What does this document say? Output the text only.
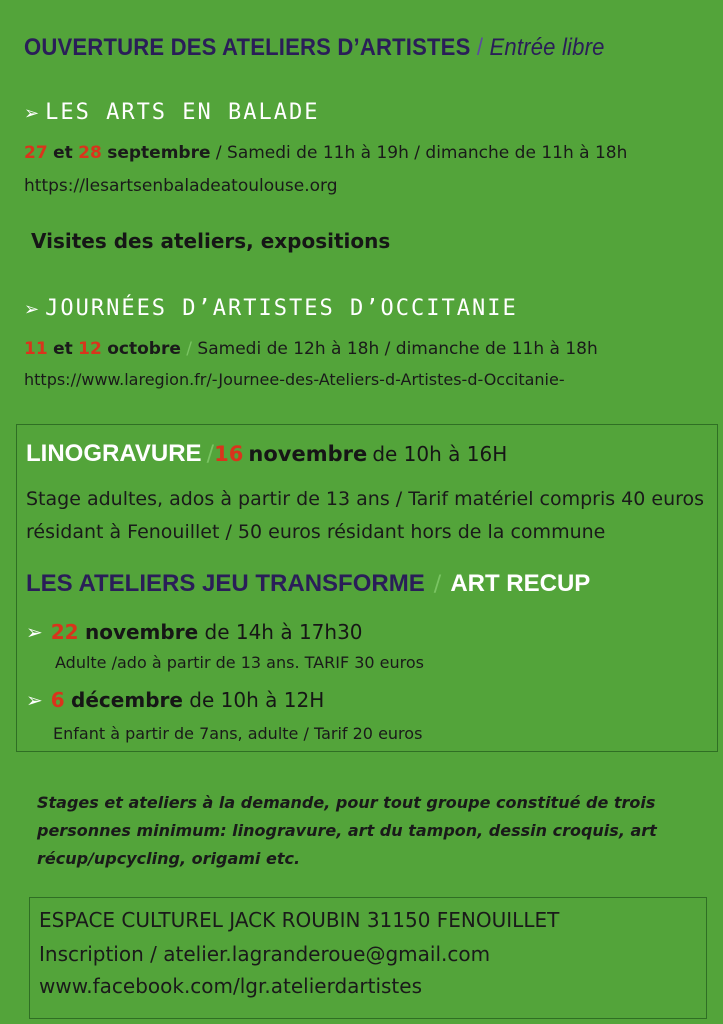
OUVERTURE DES ATELIERS D’ARTISTES / Entrée libre
➢ LES ARTS EN BALADE
27 et 28 septembre / Samedi de 11h à 19h / dimanche de 11h à 18h
https://lesartsenbaladeatoulouse.org
Visites des ateliers, expositions
➢ JOURNÉES D’ARTISTES D’OCCITANIE
11 et 12 octobre / Samedi de 12h à 18h / dimanche de 11h à 18h
https://www.laregion.fr/-Journee-des-Ateliers-d-Artistes-d-Occitanie-
LINOGRAVURE /16 novembre de 10h à 16H
Stage adultes, ados à partir de 13 ans / Tarif matériel compris 40 euros résidant à Fenouillet / 50 euros résidant hors de la commune
LES ATELIERS JEU TRANSFORME / ART RECUP
➢ 22 novembre de 14h à 17h30
Adulte /ado à partir de 13 ans. TARIF 30 euros
➢ 6 décembre de 10h à 12H
Enfant à partir de 7ans, adulte / Tarif 20 euros
Stages et ateliers à la demande, pour tout groupe constitué de trois personnes minimum: linogravure, art du tampon, dessin croquis, art récup/upcycling, origami etc.
ESPACE CULTUREL JACK ROUBIN 31150 FENOUILLET
Inscription / atelier.lagranderoue@gmail.com
www.facebook.com/lgr.atelierdartistes
